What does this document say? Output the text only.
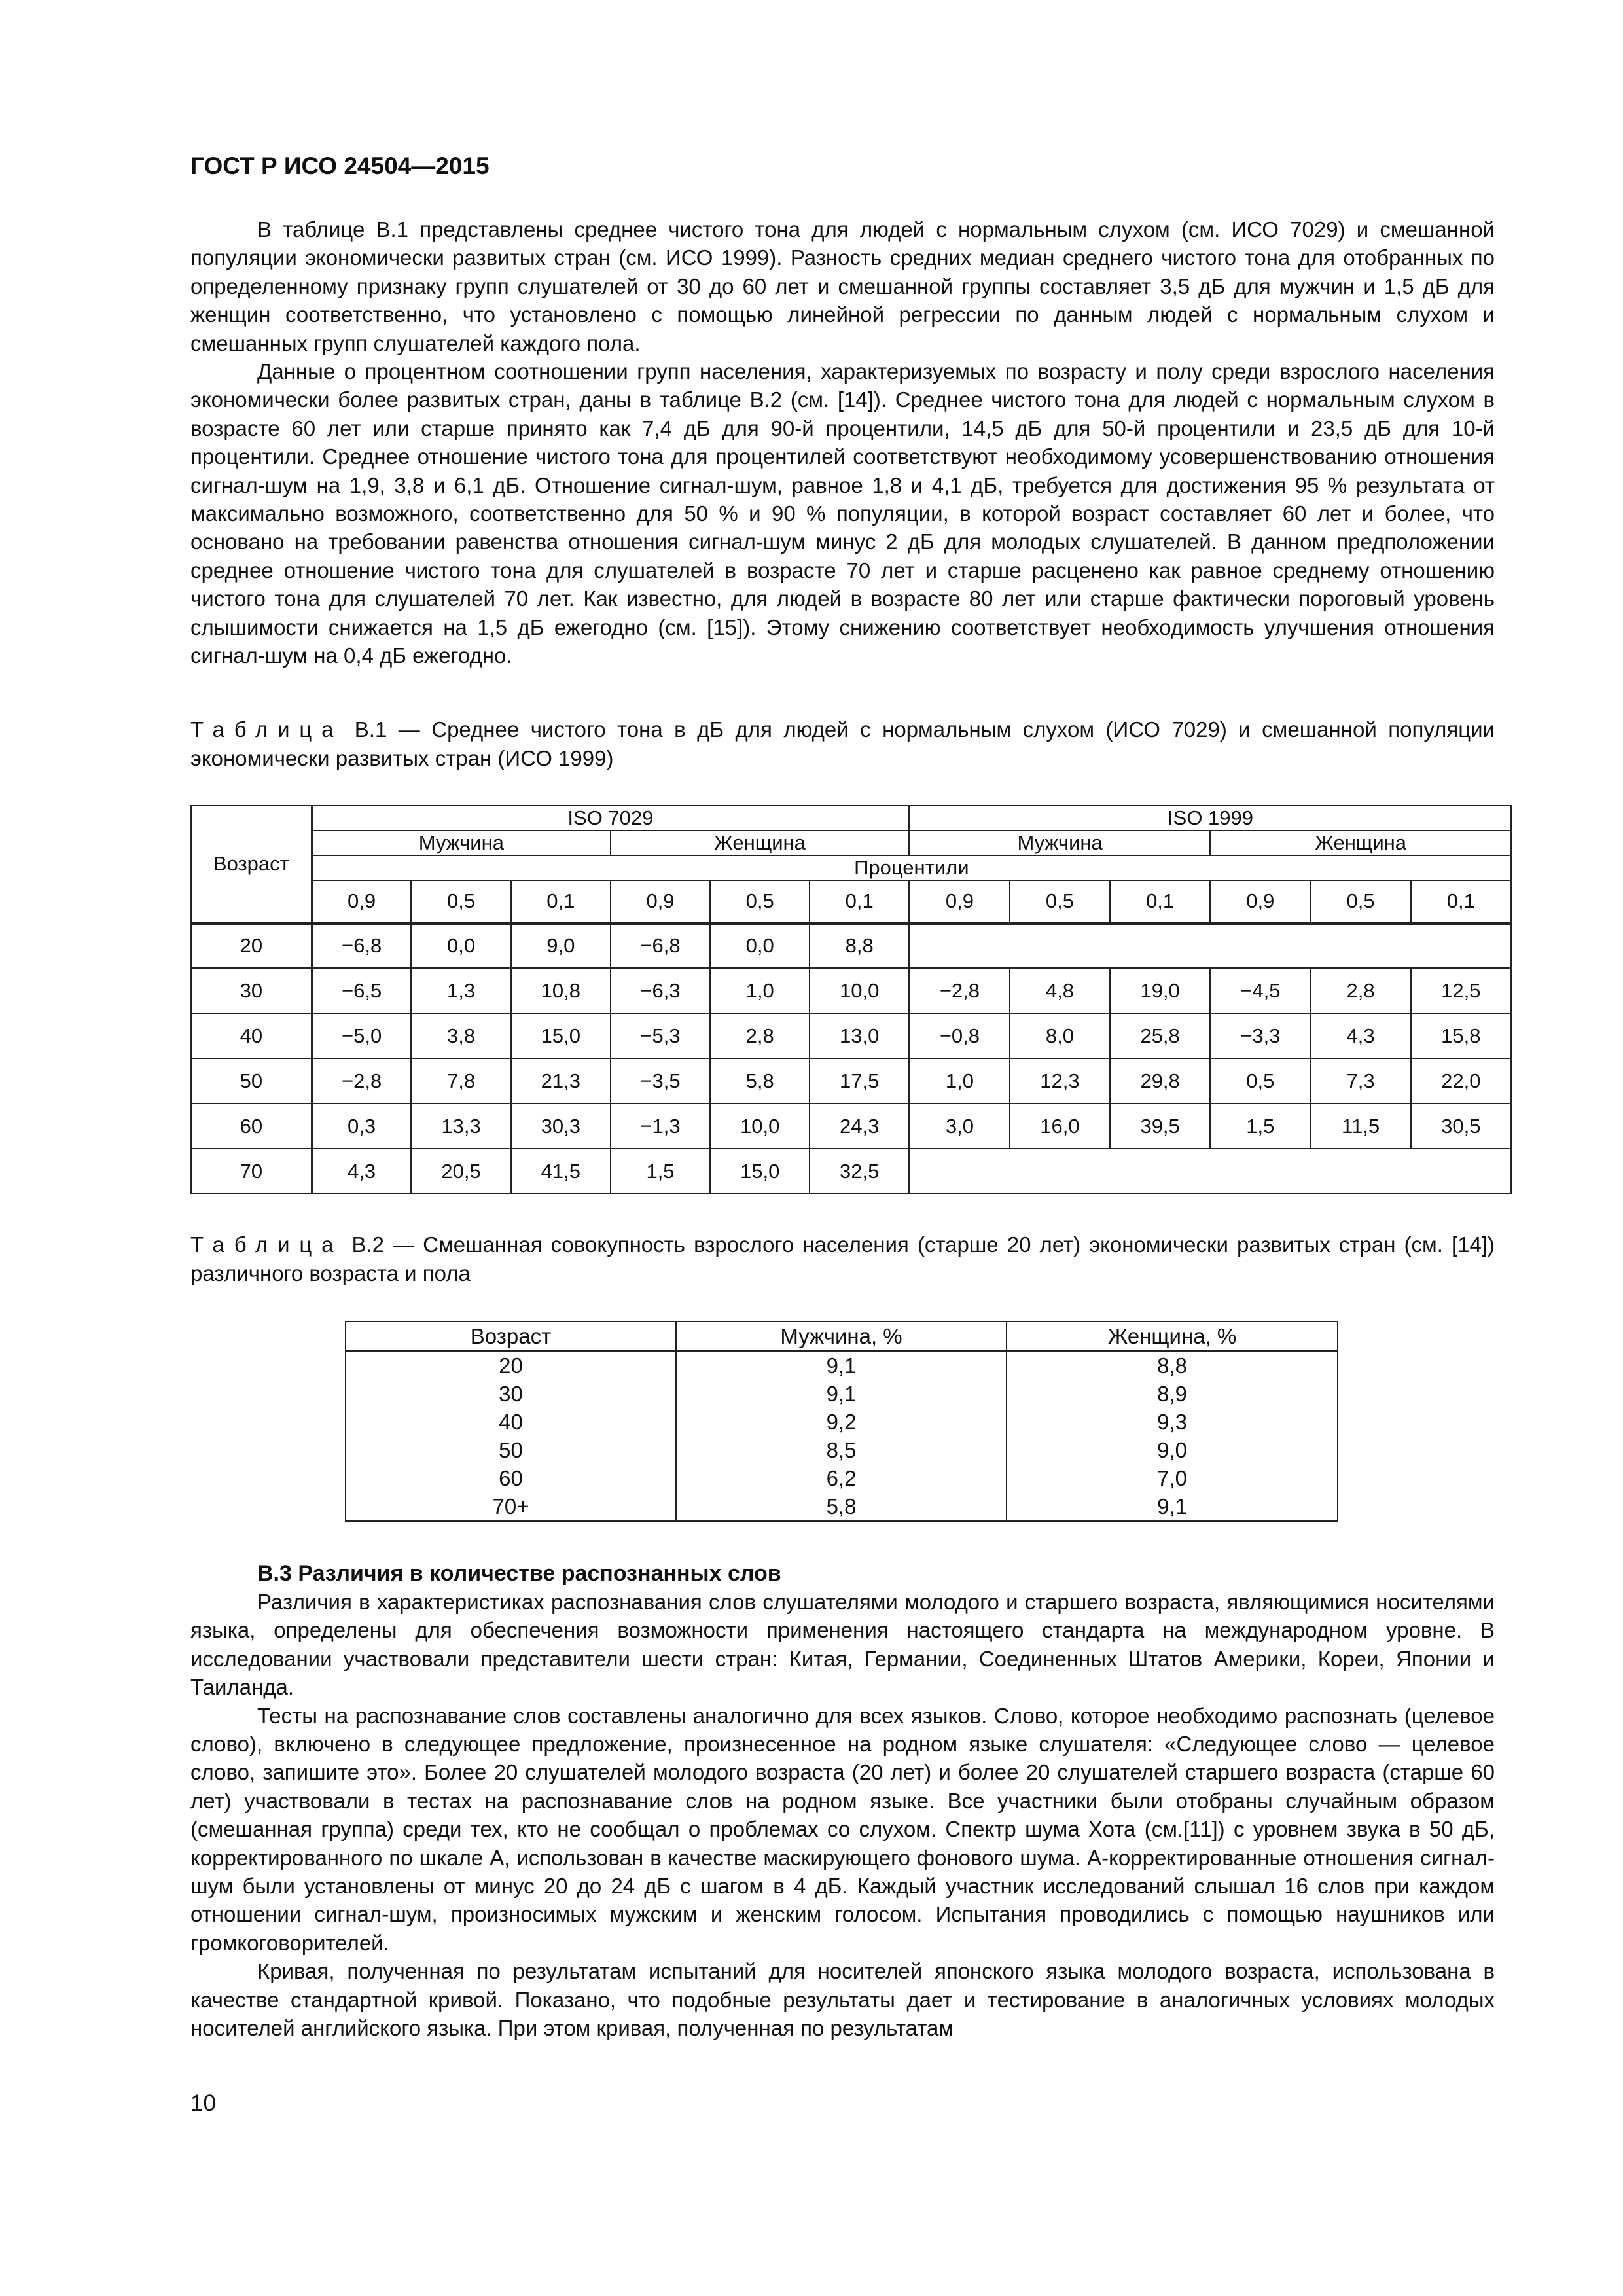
ГОСТ Р ИСО 24504—2015

В таблице В.1 представлены среднее чистого тона для людей с нормальным слухом (см. ИСО 7029) и смешанной популяции экономически развитых стран (см. ИСО 1999). Разность средних медиан среднего чистого тона для отобранных по определенному признаку групп слушателей от 30 до 60 лет и смешанной группы составляет 3,5 дБ для мужчин и 1,5 дБ для женщин соответственно, что установлено с помощью линейной регрессии по данным людей с нормальным слухом и смешанных групп слушателей каждого пола.

Данные о процентном соотношении групп населения, характеризуемых по возрасту и полу среди взрослого населения экономически более развитых стран, даны в таблице В.2 (см. [14]). Среднее чистого тона для людей с нормальным слухом в возрасте 60 лет или старше принято как 7,4 дБ для 90-й процентили, 14,5 дБ для 50-й процентили и 23,5 дБ для 10-й процентили. Среднее отношение чистого тона для процентилей соответствуют необходимому усовершенствованию отношения сигнал-шум на 1,9, 3,8 и 6,1 дБ. Отношение сигнал-шум, равное 1,8 и 4,1 дБ, требуется для достижения 95 % результата от максимально возможного, соответственно для 50 % и 90 % популяции, в которой возраст составляет 60 лет и более, что основано на требовании равенства отношения сигнал-шум минус 2 дБ для молодых слушателей. В данном предположении среднее отношение чистого тона для слушателей в возрасте 70 лет и старше расценено как равное среднему отношению чистого тона для слушателей 70 лет. Как известно, для людей в возрасте 80 лет или старше фактически пороговый уровень слышимости снижается на 1,5 дБ ежегодно (см. [15]). Этому снижению соответствует необходимость улучшения отношения сигнал-шум на 0,4 дБ ежегодно.

Таблица В.1 — Среднее чистого тона в дБ для людей с нормальным слухом (ИСО 7029) и смешанной популяции экономически развитых стран (ИСО 1999)

Возраст	ISO 7029						ISO 1999					
	Мужчина			Женщина			Мужчина			Женщина		
	Процентили											
	0,9	0,5	0,1	0,9	0,5	0,1	0,9	0,5	0,1	0,9	0,5	0,1
20	−6,8	0,0	9,0	−6,8	0,0	8,8						
30	−6,5	1,3	10,8	−6,3	1,0	10,0	−2,8	4,8	19,0	−4,5	2,8	12,5
40	−5,0	3,8	15,0	−5,3	2,8	13,0	−0,8	8,0	25,8	−3,3	4,3	15,8
50	−2,8	7,8	21,3	−3,5	5,8	17,5	1,0	12,3	29,8	0,5	7,3	22,0
60	0,3	13,3	30,3	−1,3	10,0	24,3	3,0	16,0	39,5	1,5	11,5	30,5
70	4,3	20,5	41,5	1,5	15,0	32,5						

Таблица В.2 — Смешанная совокупность взрослого населения (старше 20 лет) экономически развитых стран (см. [14]) различного возраста и пола

Возраст	Мужчина, %	Женщина, %
20	9,1	8,8
30	9,1	8,9
40	9,2	9,3
50	8,5	9,0
60	6,2	7,0
70+	5,8	9,1
В.3 Различия в количестве распознанных слов

Различия в характеристиках распознавания слов слушателями молодого и старшего возраста, являющимися носителями языка, определены для обеспечения возможности применения настоящего стандарта на международном уровне. В исследовании участвовали представители шести стран: Китая, Германии, Соединенных Штатов Америки, Кореи, Японии и Таиланда.

Тесты на распознавание слов составлены аналогично для всех языков. Слово, которое необходимо распознать (целевое слово), включено в следующее предложение, произнесенное на родном языке слушателя: «Следующее слово — целевое слово, запишите это». Более 20 слушателей молодого возраста (20 лет) и более 20 слушателей старшего возраста (старше 60 лет) участвовали в тестах на распознавание слов на родном языке. Все участники были отобраны случайным образом (смешанная группа) среди тех, кто не сообщал о проблемах со слухом. Спектр шума Хота (см.[11]) с уровнем звука в 50 дБ, корректированного по шкале A, использован в качестве маскирующего фонового шума. A-корректированные отношения сигнал-шум были установлены от минус 20 до 24 дБ с шагом в 4 дБ. Каждый участник исследований слышал 16 слов при каждом отношении сигнал-шум, произносимых мужским и женским голосом. Испытания проводились с помощью наушников или громкоговорителей.

Кривая, полученная по результатам испытаний для носителей японского языка молодого возраста, использована в качестве стандартной кривой. Показано, что подобные результаты дает и тестирование в аналогичных условиях молодых носителей английского языка. При этом кривая, полученная по результатам

10
